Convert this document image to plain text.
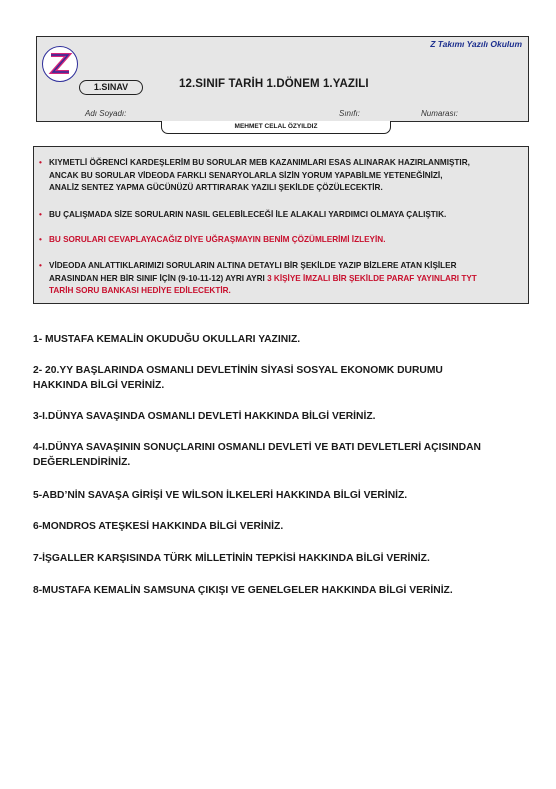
Z Takımı Yazılı Okulum
1.SINAV	12.SINIF TARİH 1.DÖNEM 1.YAZILI
Adı Soyadı:	Sınıfı:	Numarası:
MEHMET CELAL ÖZYILDIZ
• KIYMETLİ ÖĞRENCİ KARDEŞLERİM BU SORULAR MEB KAZANIMLARI ESAS ALINARAK HAZIRLANMIŞTIR,
ANCAK BU SORULAR VİDEODA FARKLI SENARYOLARLA SİZİN YORUM YAPABİLME YETENEĞİNİZİ,
ANALİZ SENTEZ YAPMA GÜCÜNÜZÜ ARTTIRARAK YAZILI ŞEKİLDE ÇÖZÜLECEKTİR.
• BU ÇALIŞMADA SİZE SORULARIN NASIL GELEBİLECEĞİ İLE ALAKALI YARDIMCI OLMAYA ÇALIŞTIK.
• BU SORULARI CEVAPLAYACAĞIZ DİYE UĞRAŞMAYIN BENİM ÇÖZÜMLERİMİ İZLEYİN.
• VİDEODA ANLATTIKLARIMIZI SORULARIN ALTINA DETAYLI BİR ŞEKİLDE YAZIP BİZLERE ATAN KİŞİLER
ARASINDAN HER BİR SINIF İÇİN (9-10-11-12) AYRI AYRI 3 KİŞİYE İMZALI BİR ŞEKİLDE PARAF YAYINLARI TYT
TARİH SORU BANKASI HEDİYE EDİLECEKTİR.
1- MUSTAFA KEMALİN OKUDUĞU OKULLARI YAZINIZ.
2- 20.YY BAŞLARINDA OSMANLI DEVLETİNİN SİYASİ SOSYAL EKONOMK DURUMU
HAKKINDA BİLGİ VERİNİZ.
3-I.DÜNYA SAVAŞINDA OSMANLI DEVLETİ HAKKINDA BİLGİ VERİNİZ.
4-I.DÜNYA SAVAŞININ SONUÇLARINI OSMANLI DEVLETİ VE BATI DEVLETLERİ AÇISINDAN
DEĞERLENDİRİNİZ.
5-ABD’NİN SAVAŞA GİRİŞİ VE WİLSON İLKELERİ HAKKINDA BİLGİ VERİNİZ.
6-MONDROS ATEŞKESİ HAKKINDA BİLGİ VERİNİZ.
7-İŞGALLER KARŞISINDA TÜRK MİLLETİNİN TEPKİSİ HAKKINDA BİLGİ VERİNİZ.
8-MUSTAFA KEMALİN SAMSUNA ÇIKIŞI VE GENELGELER HAKKINDA BİLGİ VERİNİZ.
